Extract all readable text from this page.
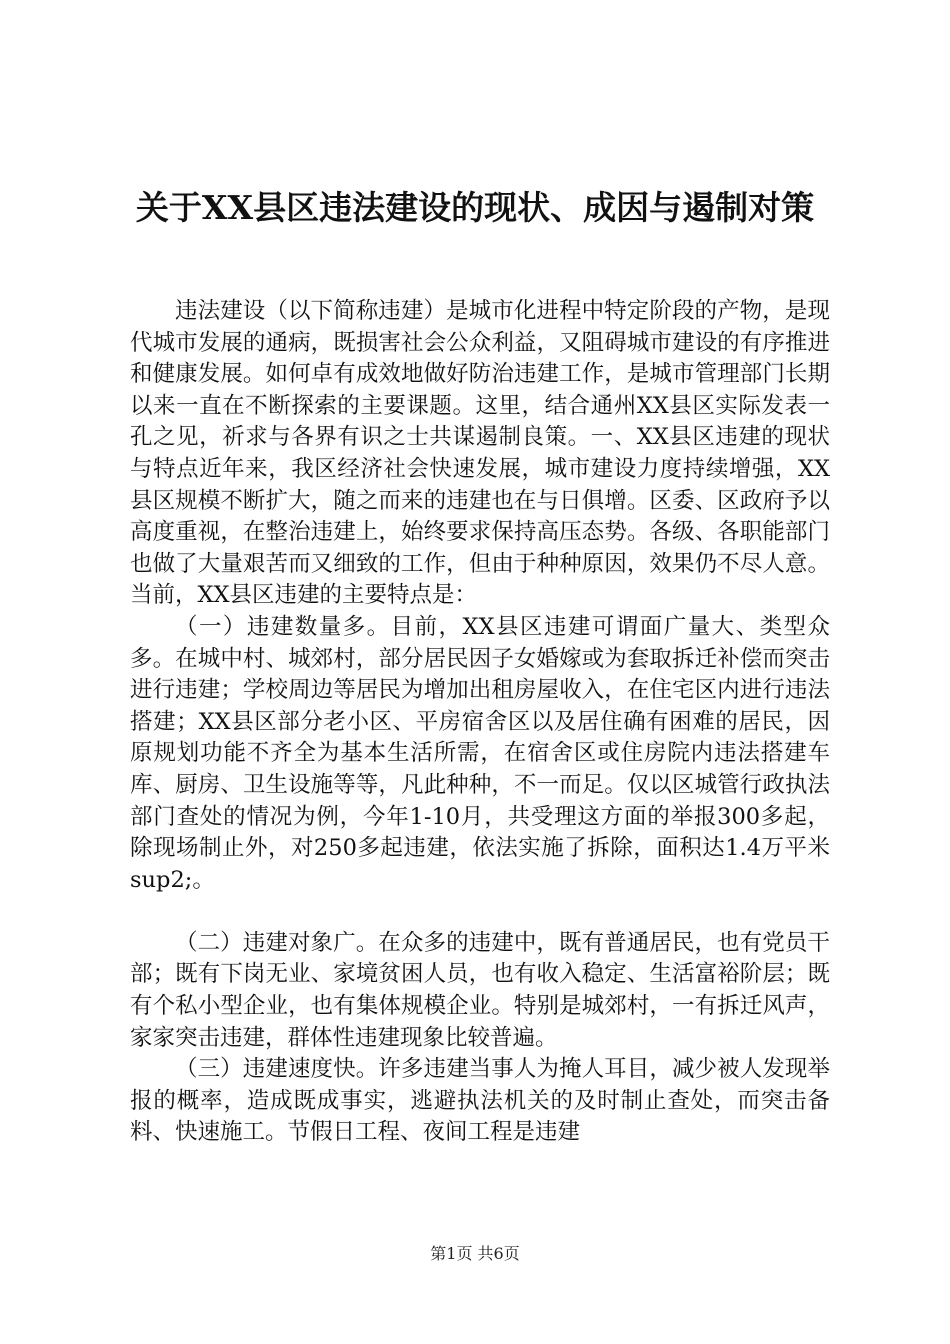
关于XX县区违法建设的现状、成因与遏制对策

违法建设（以下简称违建）是城市化进程中特定阶段的产物，是现代城市发展的通病，既损害社会公众利益，又阻碍城市建设的有序推进和健康发展。如何卓有成效地做好防治违建工作，是城市管理部门长期以来一直在不断探索的主要课题。这里，结合通州XX县区实际发表一孔之见，祈求与各界有识之士共谋遏制良策。一、XX县区违建的现状与特点近年来，我区经济社会快速发展，城市建设力度持续增强，XX县区规模不断扩大，随之而来的违建也在与日俱增。区委、区政府予以高度重视，在整治违建上，始终要求保持高压态势。各级、各职能部门也做了大量艰苦而又细致的工作，但由于种种原因，效果仍不尽人意。当前，XX县区违建的主要特点是：

（一）违建数量多。目前，XX县区违建可谓面广量大、类型众多。在城中村、城郊村，部分居民因子女婚嫁或为套取拆迁补偿而突击进行违建；学校周边等居民为增加出租房屋收入，在住宅区内进行违法搭建；XX县区部分老小区、平房宿舍区以及居住确有困难的居民，因原规划功能不齐全为基本生活所需，在宿舍区或住房院内违法搭建车库、厨房、卫生设施等等，凡此种种，不一而足。仅以区城管行政执法部门查处的情况为例，今年1-10月，共受理这方面的举报300多起，除现场制止外，对250多起违建，依法实施了拆除，面积达1.4万平米sup2;。

（二）违建对象广。在众多的违建中，既有普通居民，也有党员干部；既有下岗无业、家境贫困人员，也有收入稳定、生活富裕阶层；既有个私小型企业，也有集体规模企业。特别是城郊村，一有拆迁风声，家家突击违建，群体性违建现象比较普遍。

（三）违建速度快。许多违建当事人为掩人耳目，减少被人发现举报的概率，造成既成事实，逃避执法机关的及时制止查处，而突击备料、快速施工。节假日工程、夜间工程是违建

第1页 共6页
